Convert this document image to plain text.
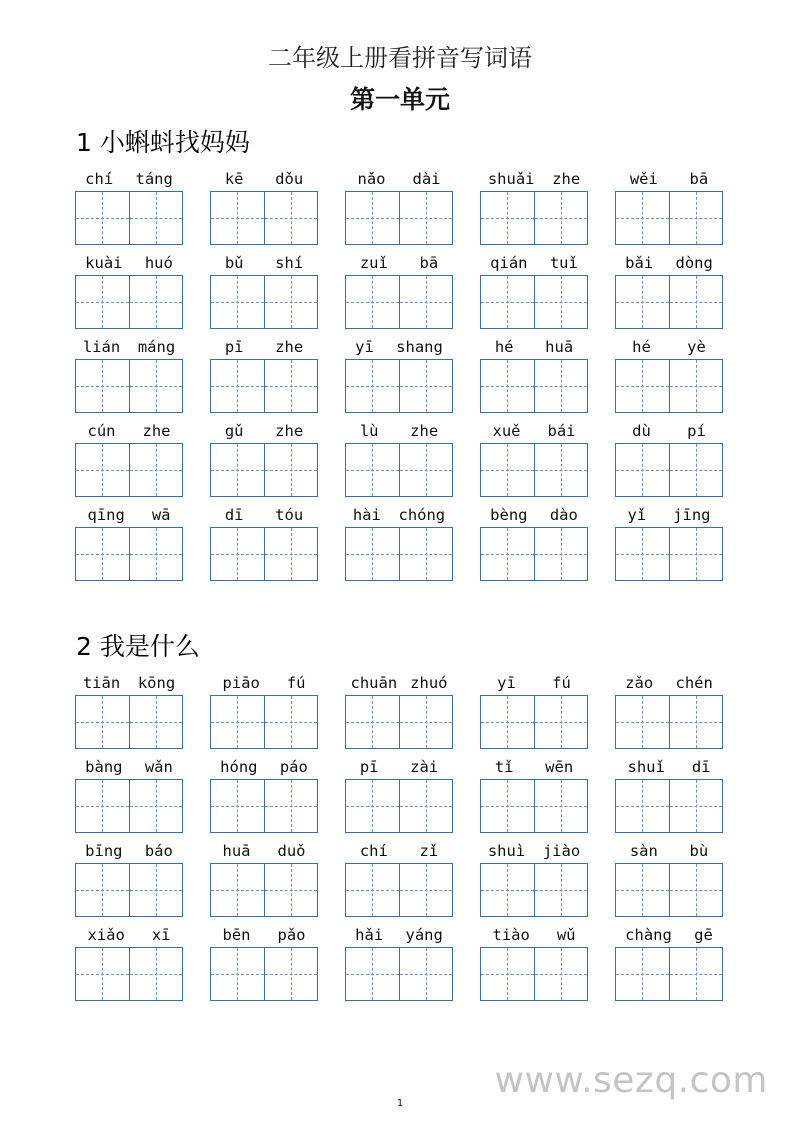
二年级上册看拼音写词语
第一单元
1 小蝌蚪找妈妈
chí táng	kē dǒu	nǎo dài	shuǎi zhe	wěi bā
kuài huó	bǔ shí	zuǐ bā	qián tuǐ	bǎi dòng
lián máng	pī zhe	yī shang	hé huā	hé yè
cún zhe	gǔ zhe	lù zhe	xuě bái	dù pí
qīng wā	dī tóu	hài chóng	bèng dào	yǐ jīng
2 我是什么
tiān kōng	piāo fú	chuān zhuó	yī fú	zǎo chén
bàng wǎn	hóng páo	pī zài	tǐ wēn	shuǐ dī
bīng báo	huā duǒ	chí zǐ	shuì jiào	sàn bù
xiǎo xī	bēn pǎo	hǎi yáng	tiào wǔ	chàng gē
www.sezq.com
1
